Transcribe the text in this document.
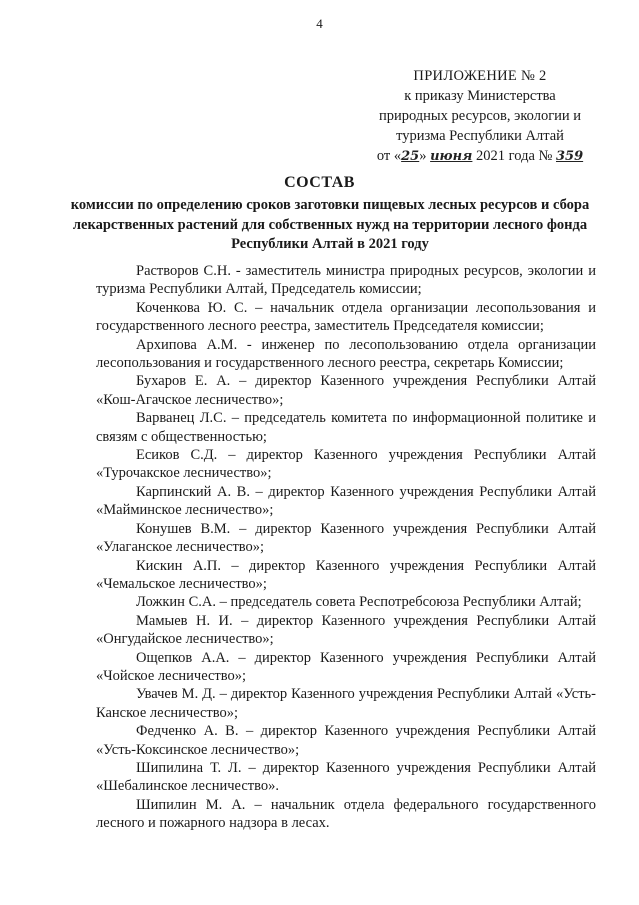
4
ПРИЛОЖЕНИЕ № 2
к приказу Министерства
природных ресурсов, экологии и
туризма Республики Алтай
от «25» июня 2021 года № 359
СОСТАВ
комиссии по определению сроков заготовки пищевых лесных ресурсов и сбора лекарственных растений для собственных нужд на территории лесного фонда Республики Алтай в 2021 году

Растворов С.Н. - заместитель министра природных ресурсов, экологии и туризма Республики Алтай, Председатель комиссии;

Коченкова Ю. С. – начальник отдела организации лесопользования и государственного лесного реестра, заместитель Председателя комиссии;

Архипова А.М. - инженер по лесопользованию отдела организации лесопользования и государственного лесного реестра, секретарь Комиссии;

Бухаров Е. А. – директор Казенного учреждения Республики Алтай «Кош-Агачское лесничество»;

Варванец Л.С. – председатель комитета по информационной политике и связям с общественностью;

Есиков С.Д. – директор Казенного учреждения Республики Алтай «Турочакское лесничество»;

Карпинский А. В. – директор Казенного учреждения Республики Алтай «Майминское лесничество»;

Конушев В.М. – директор Казенного учреждения Республики Алтай «Улаганское лесничество»;

Кискин А.П. – директор Казенного учреждения Республики Алтай «Чемальское лесничество»;

Ложкин С.А. – председатель совета Респотребсоюза Республики Алтай;

Мамыев Н. И. – директор Казенного учреждения Республики Алтай «Онгудайское лесничество»;

Ощепков А.А. – директор Казенного учреждения Республики Алтай «Чойское лесничество»;

Увачев М. Д. – директор Казенного учреждения Республики Алтай «Усть-Канское лесничество»;

Федченко А. В. – директор Казенного учреждения Республики Алтай «Усть-Коксинское лесничество»;

Шипилина Т. Л. – директор Казенного учреждения Республики Алтай «Шебалинское лесничество».

Шипилин М. А. – начальник отдела федерального государственного лесного и пожарного надзора в лесах.
